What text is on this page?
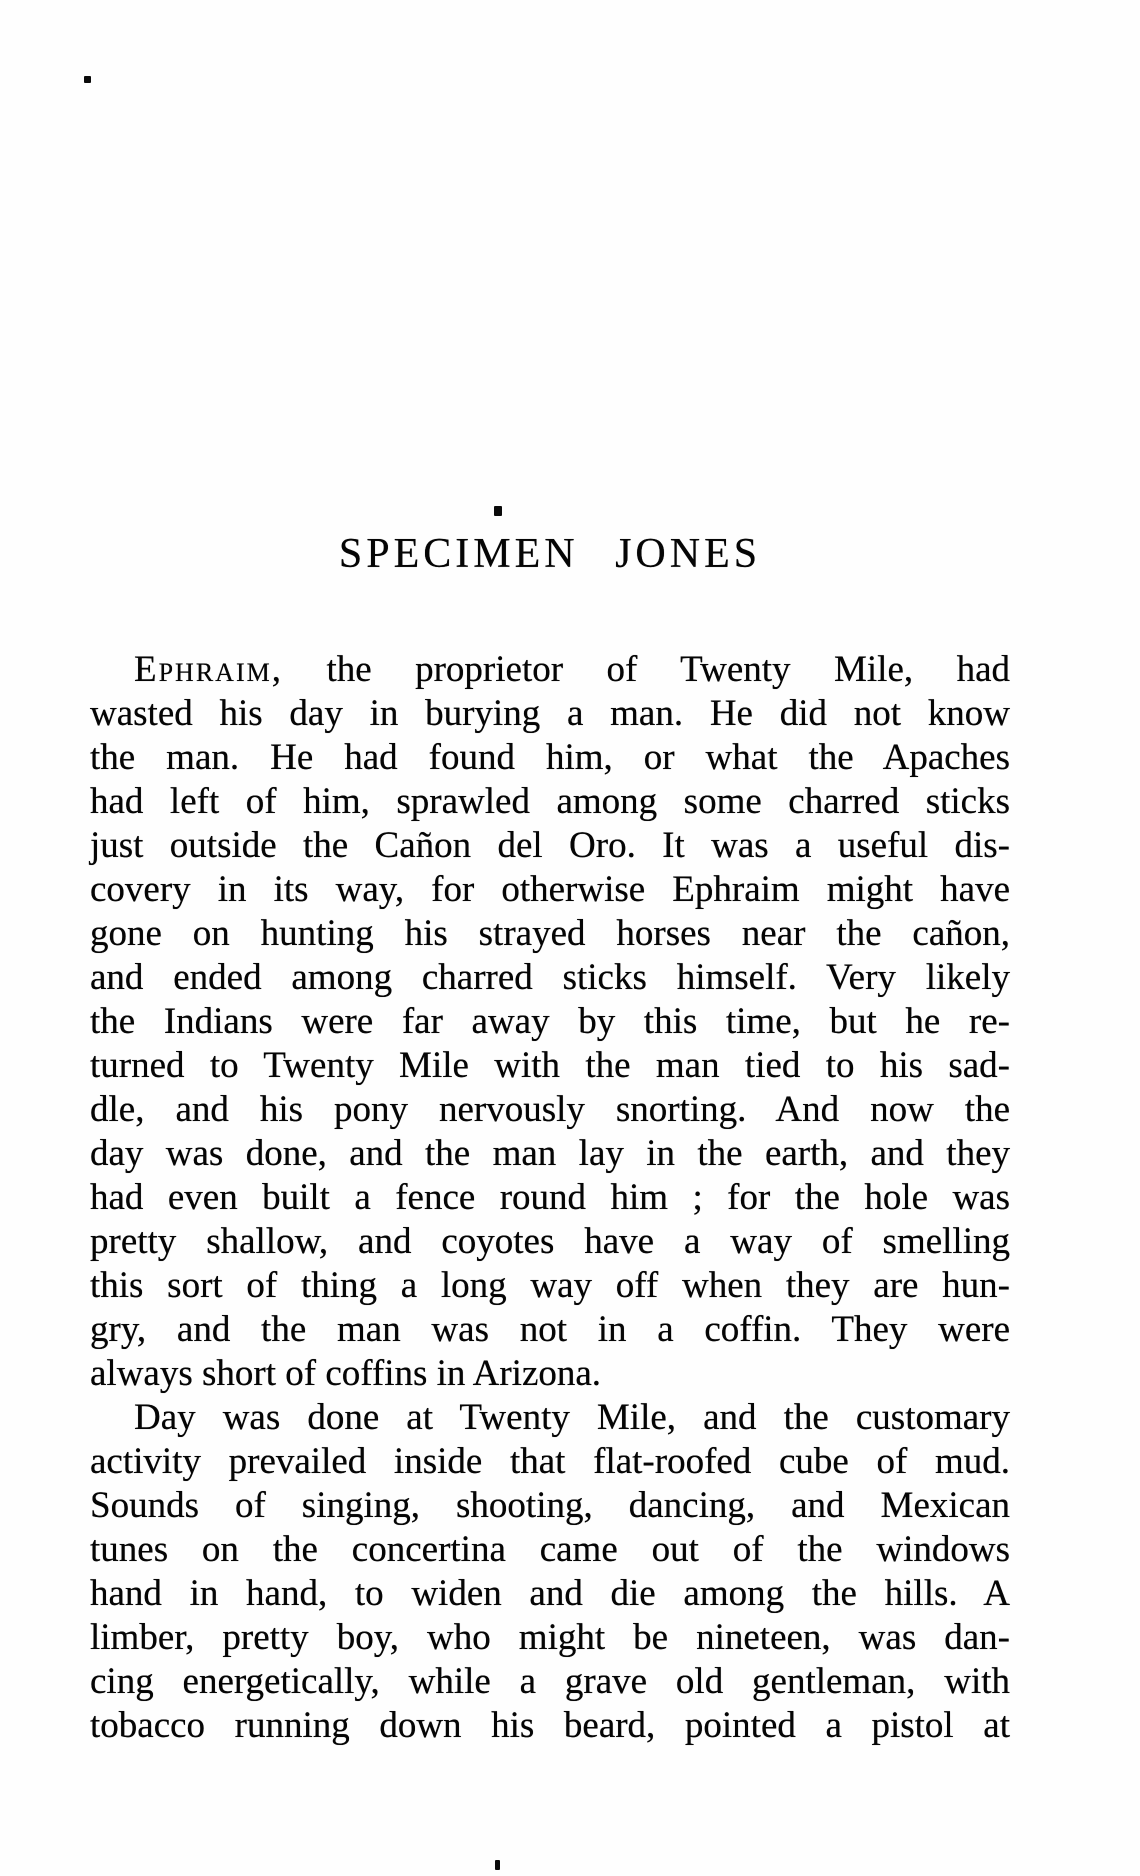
SPECIMEN JONES
Ephraim, the proprietor of Twenty Mile, had
wasted his day in burying a man. He did not know
the man. He had found him, or what the Apaches
had left of him, sprawled among some charred sticks
just outside the Cañon del Oro. It was a useful dis-
covery in its way, for otherwise Ephraim might have
gone on hunting his strayed horses near the cañon,
and ended among charred sticks himself. Very likely
the Indians were far away by this time, but he re-
turned to Twenty Mile with the man tied to his sad-
dle, and his pony nervously snorting. And now the
day was done, and the man lay in the earth, and they
had even built a fence round him ; for the hole was
pretty shallow, and coyotes have a way of smelling
this sort of thing a long way off when they are hun-
gry, and the man was not in a coffin. They were
always short of coffins in Arizona.
Day was done at Twenty Mile, and the customary
activity prevailed inside that flat-roofed cube of mud.
Sounds of singing, shooting, dancing, and Mexican
tunes on the concertina came out of the windows
hand in hand, to widen and die among the hills. A
limber, pretty boy, who might be nineteen, was dan-
cing energetically, while a grave old gentleman, with
tobacco running down his beard, pointed a pistol at
